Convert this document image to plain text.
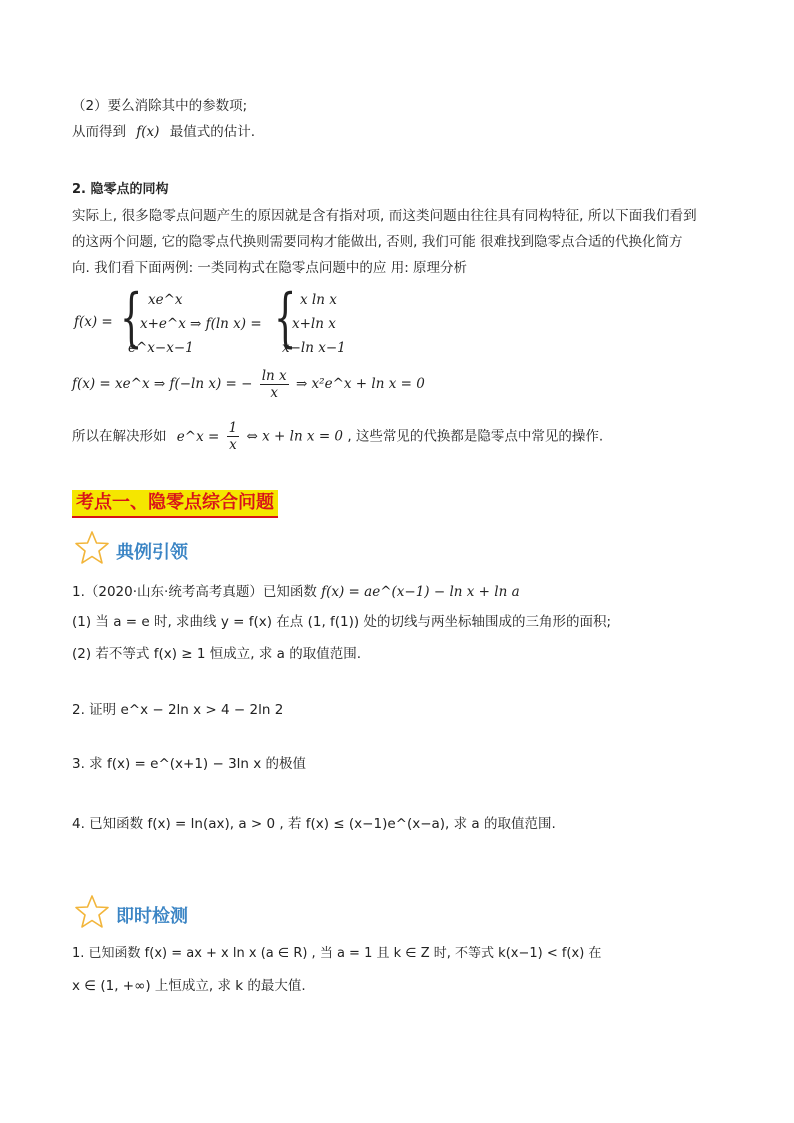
（2）要么消除其中的参数项;
从而得到 f(x) 最值式的估计.
2. 隐零点的同构
实际上, 很多隐零点问题产生的原因就是含有指对项, 而这类问题由往往具有同构特征, 所以下面我们看到
的这两个问题, 它的隐零点代换则需要同构才能做出, 否则, 我们可能 很难找到隐零点合适的代换化简方
向. 我们看下面两例: 一类同构式在隐零点问题中的应 用: 原理分析
f(x) = { xe^x
x+e^x
e^x−x−1
⇒ f(ln x) = { x ln x
x+ln x
x−ln x−1
f(x) = xe^x ⇒ f(−ln x) = − $\frac{\text{ln x}}{x}$ ⇒ x²e^x + ln x = 0
所以在解决形如 e^x = $\frac{1}{x}$ ⇔ x + ln x = 0 , 这些常见的代换都是隐零点中常见的操作.
考点一、隐零点综合问题
典例引领
1.（2020·山东·统考高考真题）已知函数 f(x) = ae^(x−1) − ln x + ln a
(1) 当 a = e 时, 求曲线 y = f(x) 在点 (1, f(1)) 处的切线与两坐标轴围成的三角形的面积;
(2) 若不等式 f(x) ≥ 1 恒成立, 求 a 的取值范围.
2. 证明 e^x − 2ln x > 4 − 2ln 2
3. 求 f(x) = e^(x+1) − 3ln x 的极值
4. 已知函数 f(x) = ln(ax), a > 0 , 若 f(x) ≤ (x−1)e^(x−a), 求 a 的取值范围.
即时检测
1. 已知函数 f(x) = ax + x ln x (a ∈ R) , 当 a = 1 且 k ∈ Z 时, 不等式 k(x−1) < f(x) 在
x ∈ (1, +∞) 上恒成立, 求 k 的最大值.
